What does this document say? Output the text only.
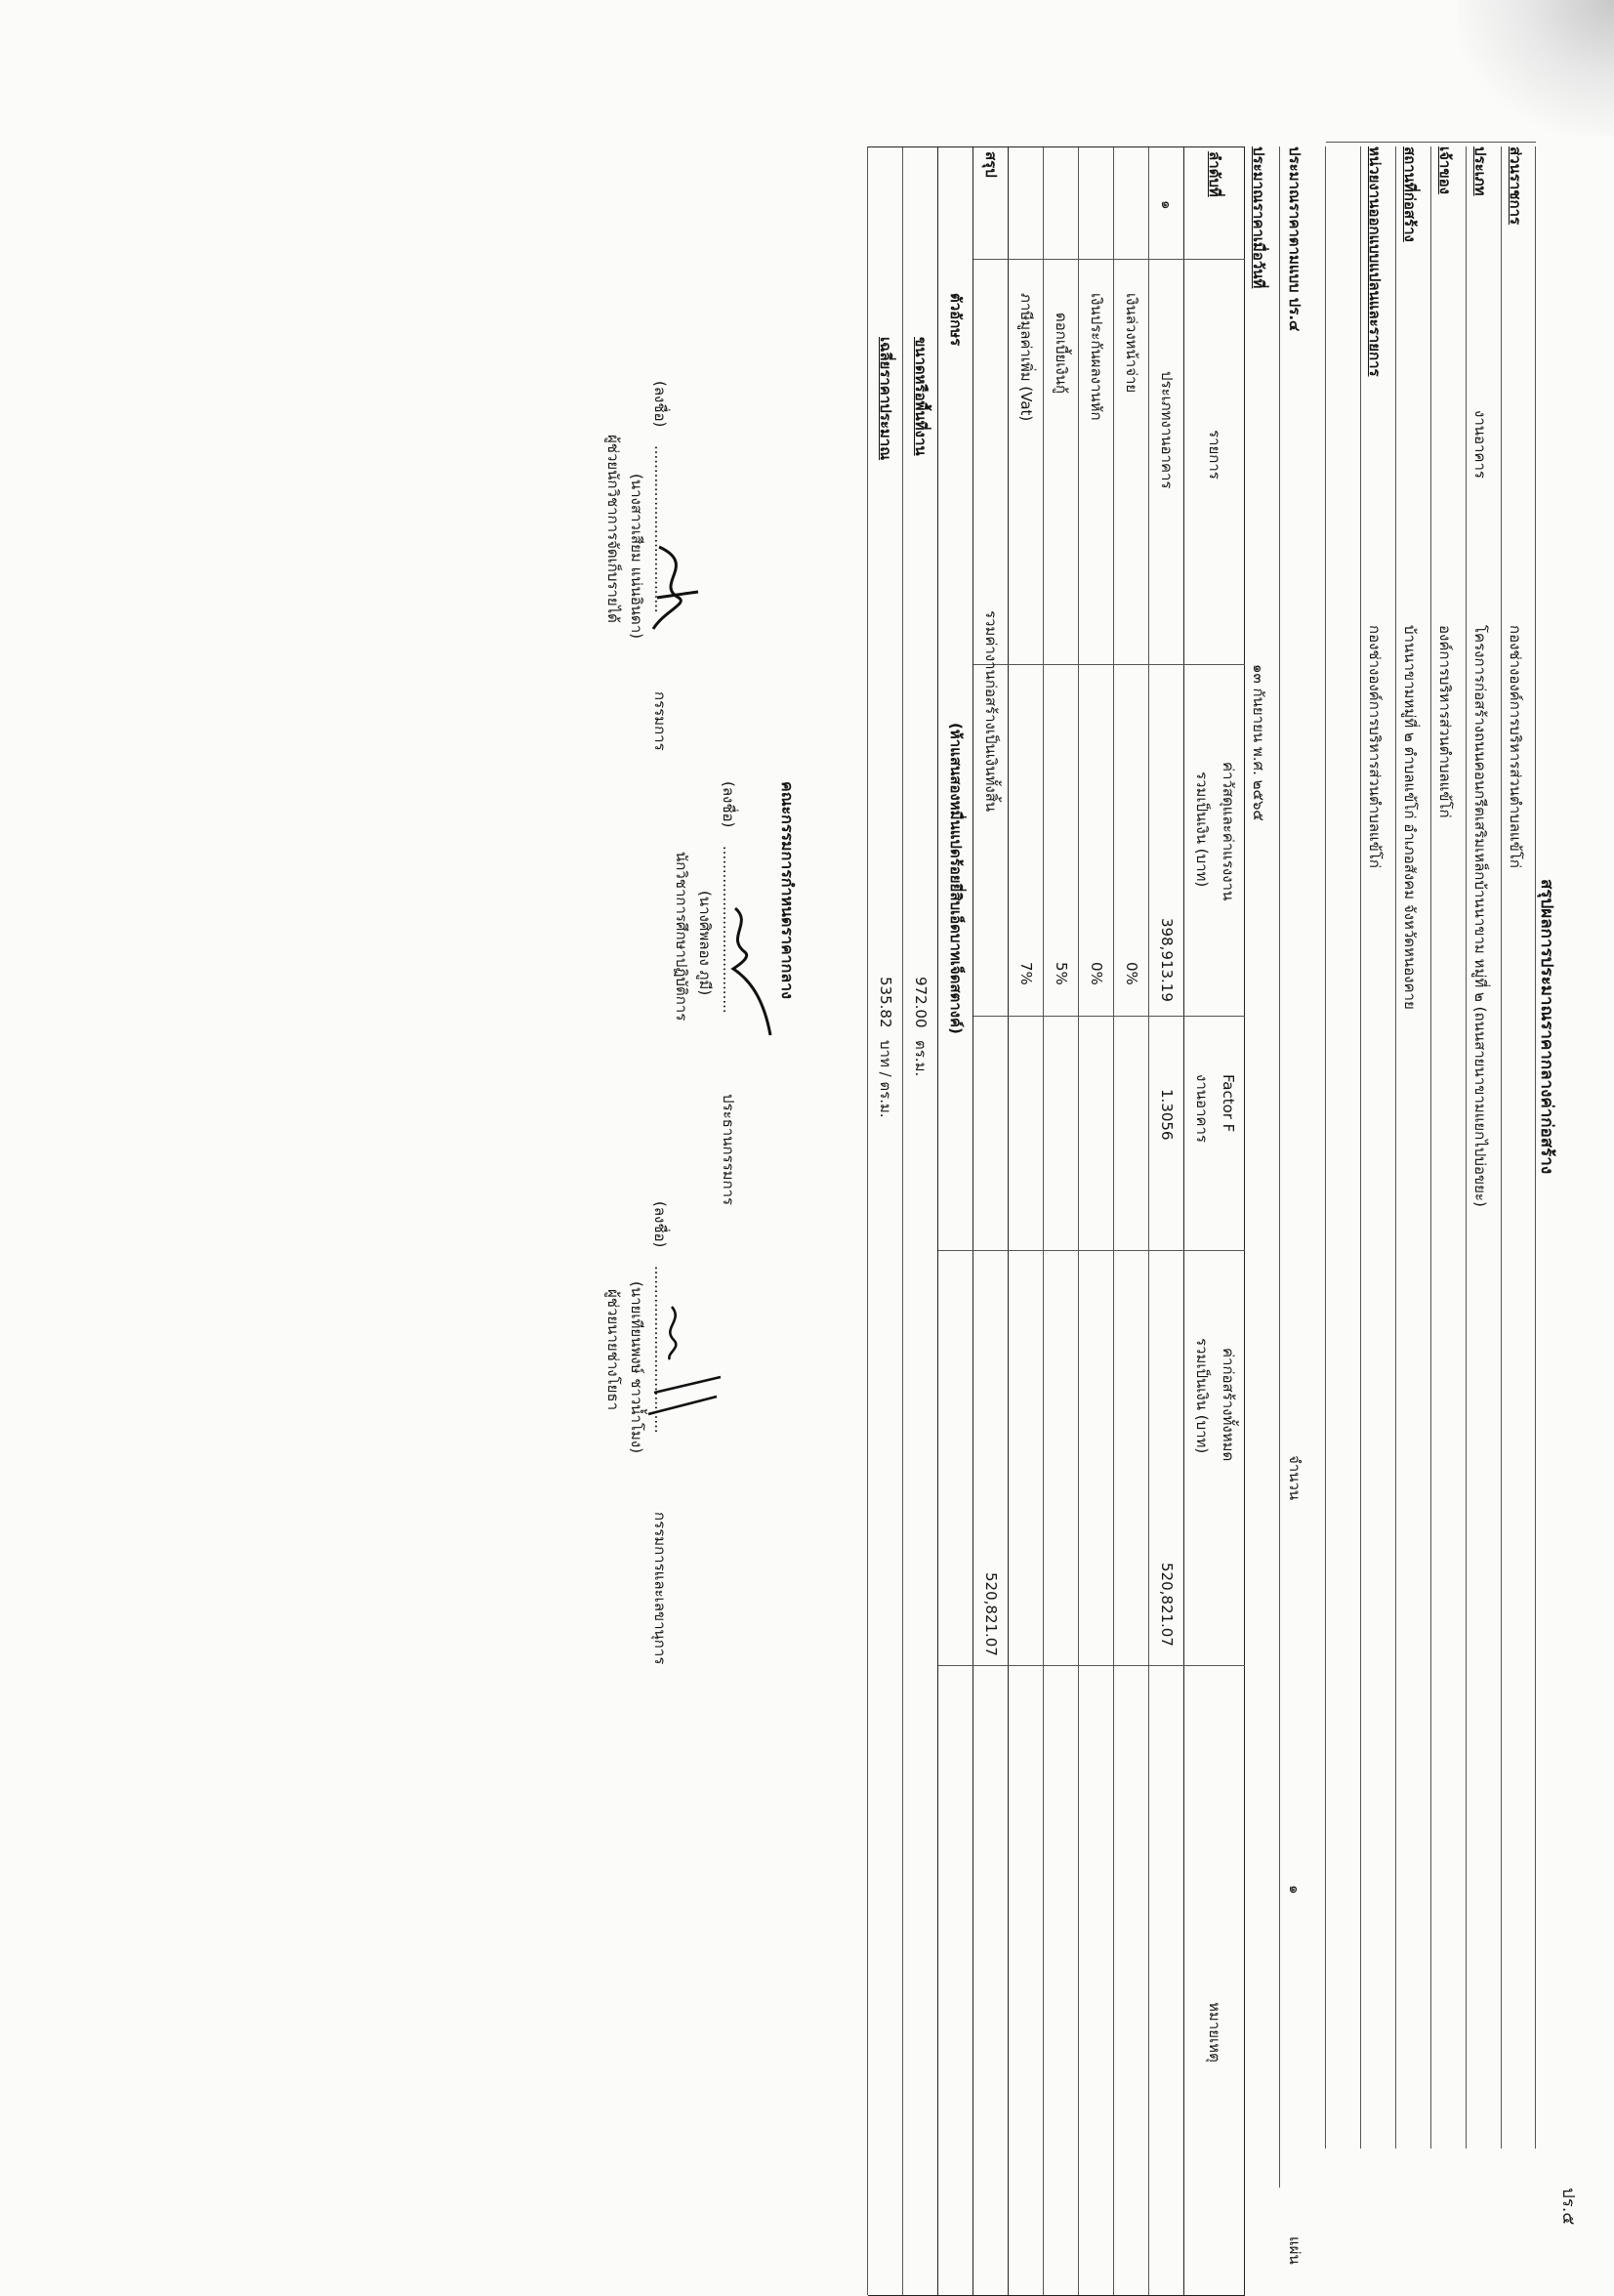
ปร.๕
สรุปผลการประมาณราคากลางค่าก่อสร้าง
ส่วนราชการ
กองช่างองค์การบริหารส่วนตำบลแข้โก่
ประเภท
งานอาคาร
โครงการก่อสร้างถนนคอนกรีตเสริมเหล็กบ้านนาขาม หมู่ที่ ๒ (ถนนสายนาขามแยกไปบ่อขยะ)
เจ้าของ
องค์การบริหารส่วนตำบลแข้โก่
สถานที่ก่อสร้าง
บ้านนาขามหมู่ที่ ๒ ตำบลแข้โก่ อำเภอสังคม จังหวัดหนองคาย
หน่วยงานออกแบบแปลนและรายการ
กองช่างองค์การบริหารส่วนตำบลแข้โก่
ประมาณราคาตามแบบ ปร.๔
จำนวน
๑
แผ่น
ประมาณราคาเมื่อวันที่
๑๓ กันยายน พ.ศ. ๒๕๖๕
ลำดับที่
รายการ
ค่าวัสดุและค่าแรงงาน
รวมเป็นเงิน (บาท)
Factor F
งานอาคาร
ค่าก่อสร้างทั้งหมด
รวมเป็นเงิน (บาท)
หมายเหตุ
๑
ประเภทงานอาคาร
398,913.19
1.3056
520,821.07
เงินล่วงหน้าจ่าย
0%
เงินประกันผลงานหัก
0%
ดอกเบี้ยเงินกู้
5%
ภาษีมูลค่าเพิ่ม (Vat)
7%
สรุป
รวมค่างานก่อสร้างเป็นเงินทั้งสิ้น
520,821.07
ตัวอักษร
(ห้าแสนสองหมื่นแปดร้อยยี่สิบเอ็ดบาทเจ็ดสตางค์)
ขนาดหรือพื้นที่งาน
972.00
ตร.ม.
เฉลี่ยราคาประมาณ
535.82
บาท / ตร.ม.
คณะกรรมการกำหนดราคากลาง
(ลงชื่อ)
....................................
ประธานกรรมการ
(นางศิพลอง ภูมี)
นักวิชาการศึกษาปฏิบัติการ
(ลงชื่อ)
....................................
กรรมการ
(นางสาวเสียม แน่นอินดา)
ผู้ช่วยนักวิชาการจัดเก็บรายได้
(ลงชื่อ)
....................................
กรรมการและเลขานุการ
(นายเทียนพงษ์ ชาวน้ำโมง)
ผู้ช่วยนายช่างโยธา
